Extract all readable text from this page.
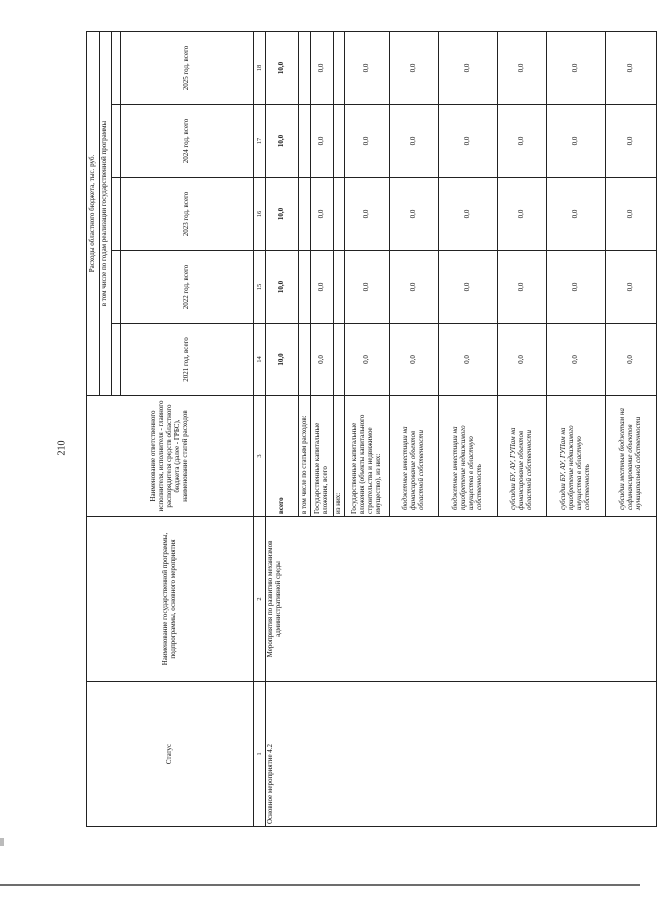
210
Статус	Наименование государственной программы, подпрограммы, основного мероприятия	Наименование ответственного исполнителя, исполнителя - главного распорядителя средств областного бюджета (далее - ГРБС), наименование статей расходов	Расходы областного бюджета, тыс. руб.				
			в том числе по годам реализации государственной программы				

			2021 год, всего	2022 год, всего	2023 год, всего	2024 год, всего	2025 год, всего
1	2	3	14	15	16	17	18
Основное мероприятие 4.2	Мероприятия по развитию механизмов административной среды	всего	10,0	10,0	10,0	10,0	10,0
		в том числе по статьям расходов:					
		Государственные капитальные вложения, всего	0,0	0,0	0,0	0,0	0,0
		из них:					
		Государственные капитальные вложения (объекты капитального строительства и недвижимое имущество), из них:	0,0	0,0	0,0	0,0	0,0
		бюджетные инвестиции на финансирование объектов областной собственности	0,0	0,0	0,0	0,0	0,0
		бюджетные инвестиции на приобретение недвижимого имущества в областную собственность	0,0	0,0	0,0	0,0	0,0
		субсидии БУ, АУ, ГУПам на финансирование объектов областной собственности	0,0	0,0	0,0	0,0	0,0
		субсидии БУ, АУ, ГУПам на приобретение недвижимого имущества в областную собственность	0,0	0,0	0,0	0,0	0,0
		субсидии местным бюджетам на софинансирование объектов муниципальной собственности	0,0	0,0	0,0	0,0	0,0
